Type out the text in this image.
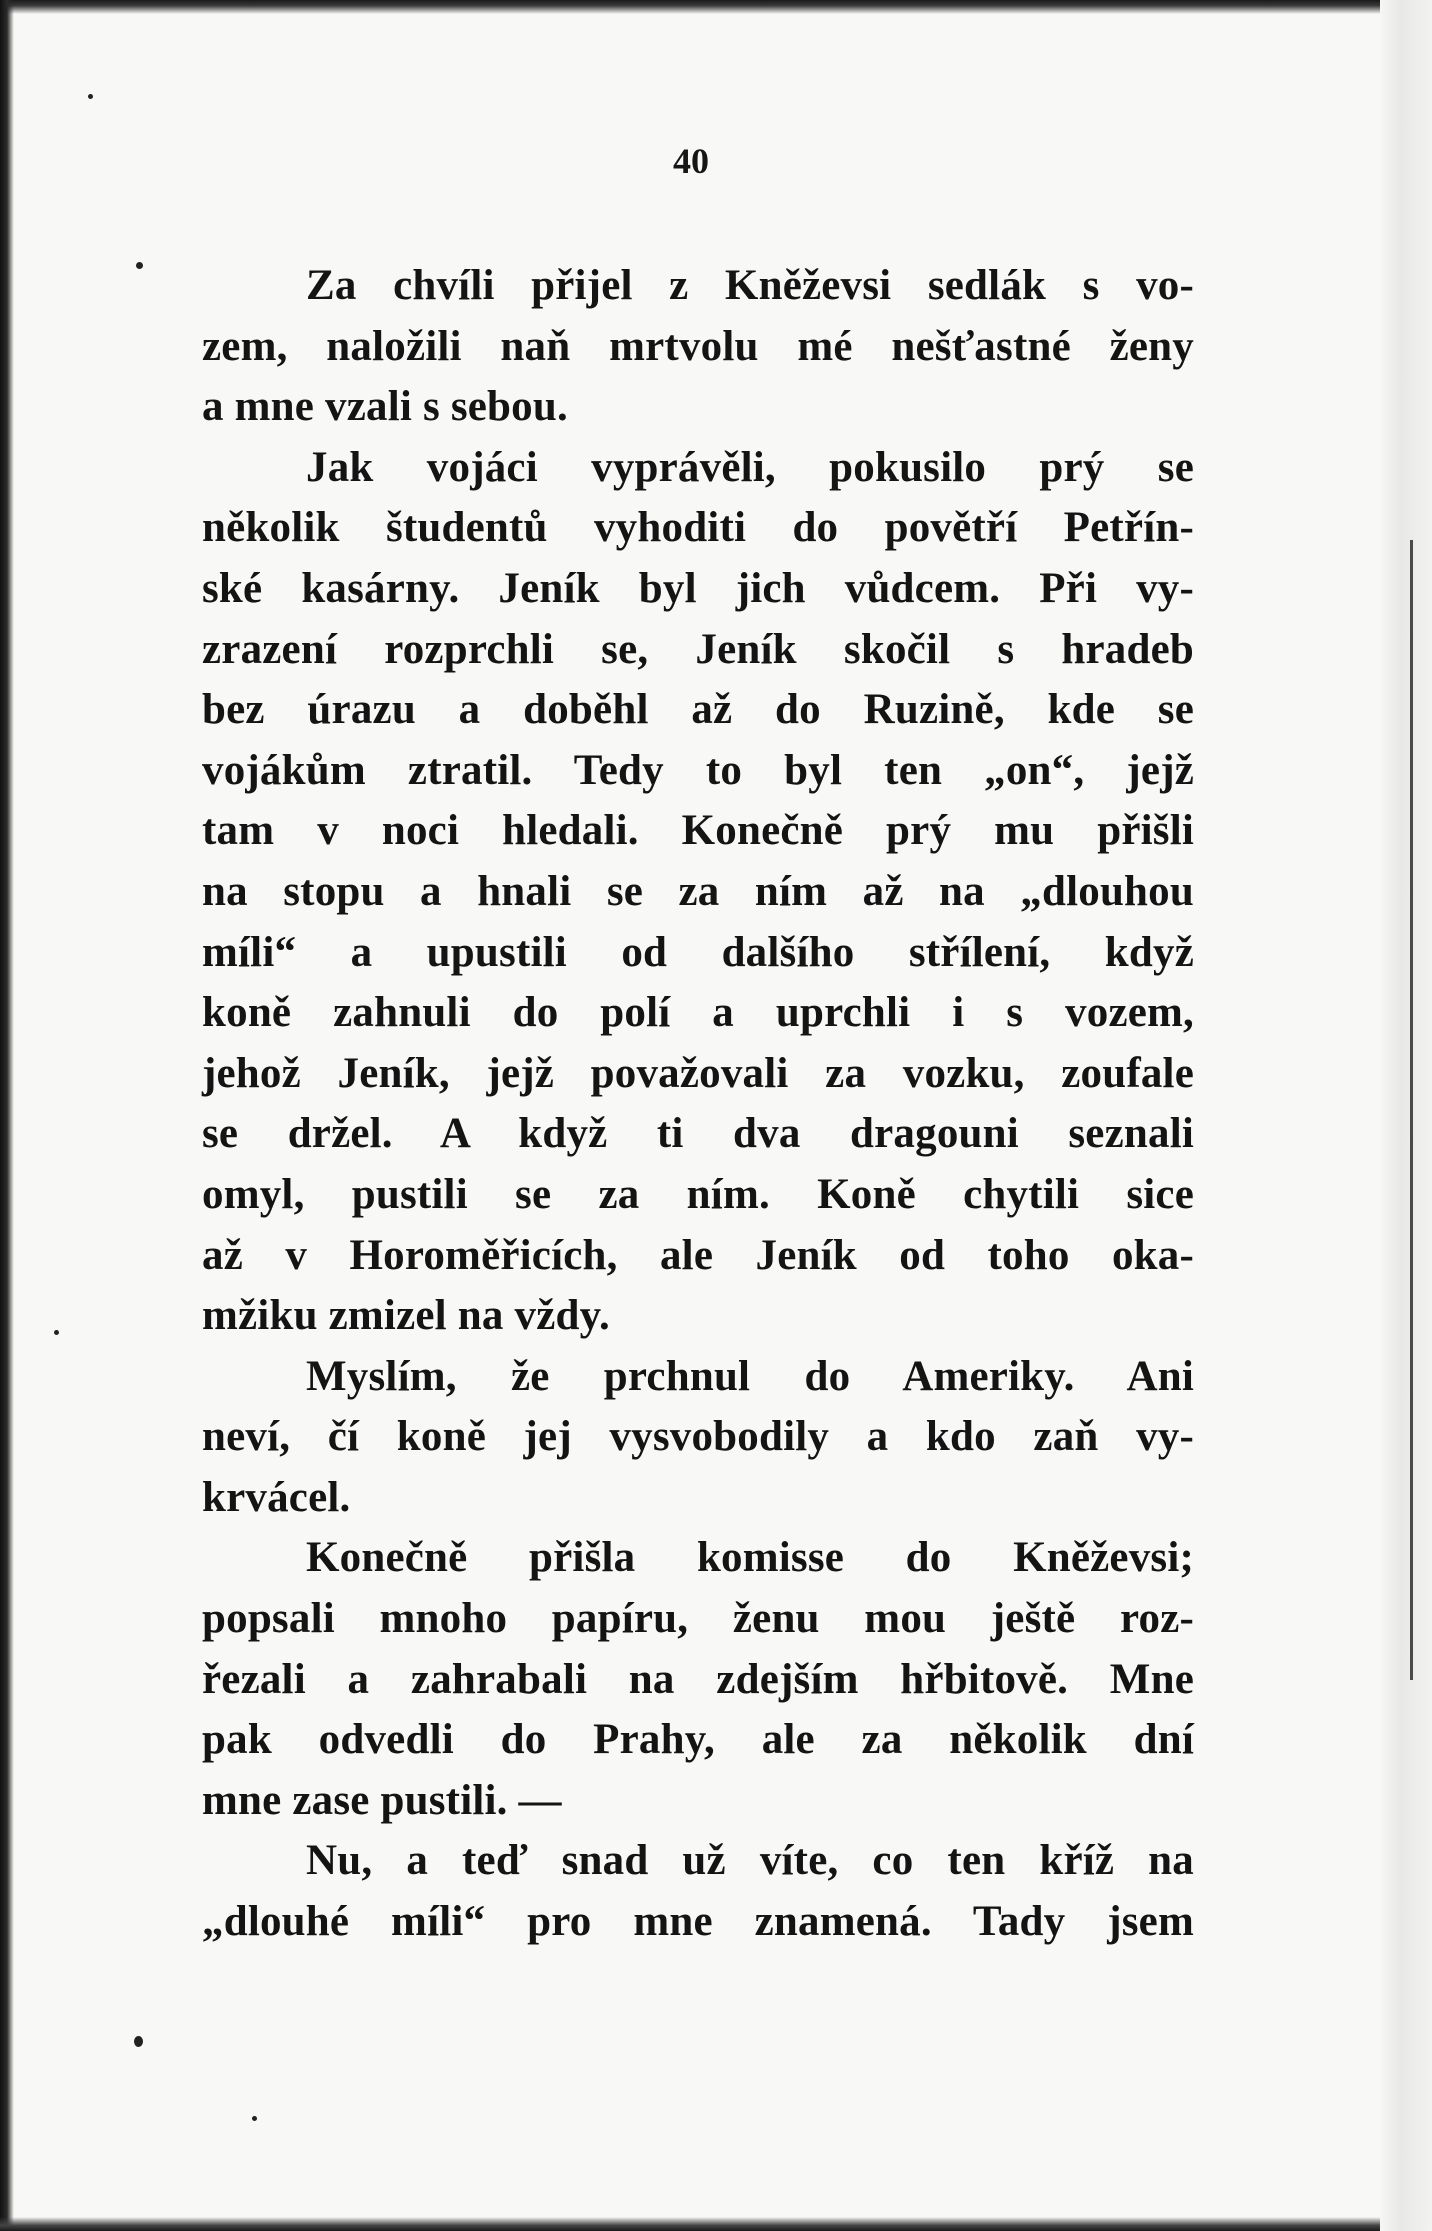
40
Za chvíli přijel z Kněževsi sedlák s vo-
zem, naložili naň mrtvolu mé nešťastné ženy
a mne vzali s sebou.
Jak vojáci vyprávěli, pokusilo prý se
několik študentů vyhoditi do povětří Petřín-
ské kasárny. Jeník byl jich vůdcem. Při vy-
zrazení rozprchli se, Jeník skočil s hradeb
bez úrazu a doběhl až do Ruzině, kde se
vojákům ztratil. Tedy to byl ten „on“, jejž
tam v noci hledali. Konečně prý mu přišli
na stopu a hnali se za ním až na „dlouhou
míli“ a upustili od dalšího střílení, když
koně zahnuli do polí a uprchli i s vozem,
jehož Jeník, jejž považovali za vozku, zoufale
se držel. A když ti dva dragouni seznali
omyl, pustili se za ním. Koně chytili sice
až v Horoměřicích, ale Jeník od toho oka-
mžiku zmizel na vždy.
Myslím, že prchnul do Ameriky. Ani
neví, čí koně jej vysvobodily a kdo zaň vy-
krvácel.
Konečně přišla komisse do Kněževsi;
popsali mnoho papíru, ženu mou ještě roz-
řezali a zahrabali na zdejším hřbitově. Mne
pak odvedli do Prahy, ale za několik dní
mne zase pustili. —
Nu, a teď snad už víte, co ten kříž na
„dlouhé míli“ pro mne znamená. Tady jsem
